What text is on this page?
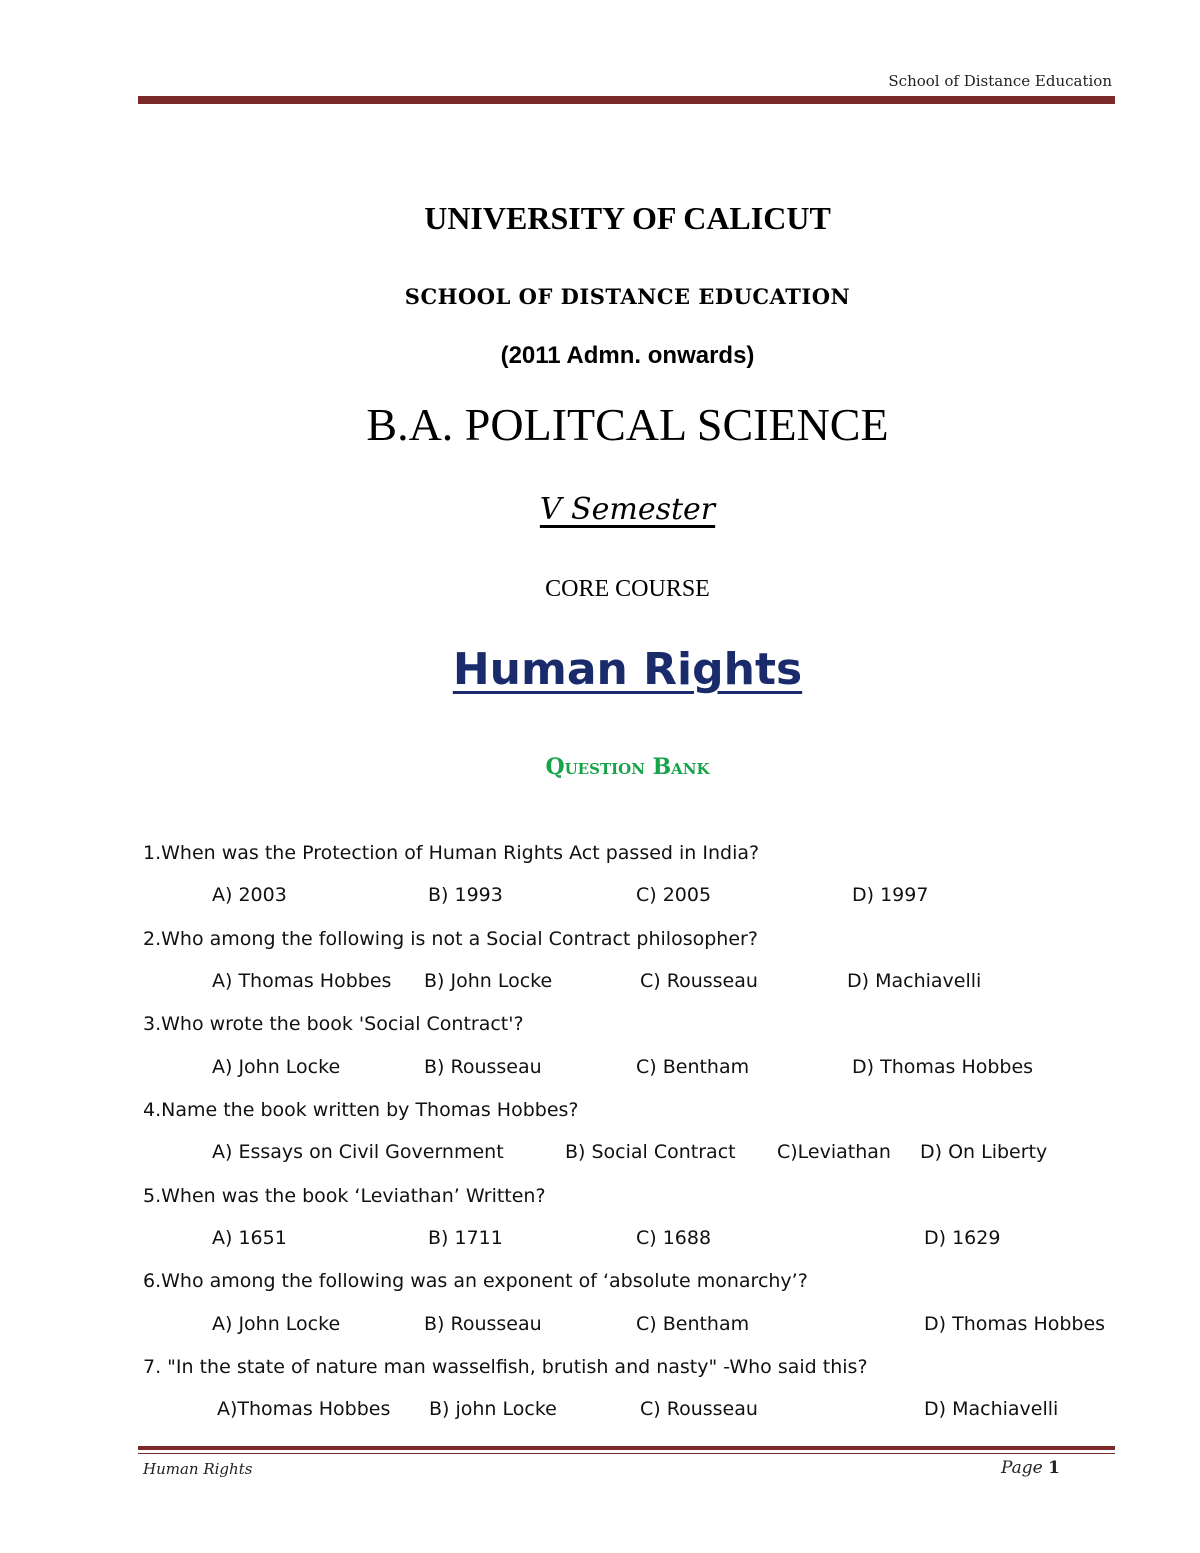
School of Distance Education
UNIVERSITY OF CALICUT
SCHOOL OF DISTANCE EDUCATION
(2011 Admn. onwards)
B.A. POLITCAL SCIENCE
V Semester
CORE COURSE
Human Rights
Question Bank
1.When was the Protection of Human Rights Act passed in India?
A) 2003	B) 1993	C) 2005	D) 1997
2.Who among the following is not a Social Contract philosopher?
A) Thomas Hobbes B) John Locke	C) Rousseau	D) Machiavelli
3.Who wrote the book 'Social Contract'?
A) John Locke	B) Rousseau	C) Bentham	D) Thomas Hobbes
4.Name the book written by Thomas Hobbes?
A) Essays on Civil Government	B) Social Contract C)Leviathan D) On Liberty
5.When was the book ‘Leviathan’ Written?
A) 1651	B) 1711	C) 1688	D) 1629
6.Who among the following was an exponent of ‘absolute monarchy’?
A) John Locke	B) Rousseau	C) Bentham	D) Thomas Hobbes
7. "In the state of nature man wasselfish, brutish and nasty" -Who said this?
A)Thomas Hobbes B) john Locke	C) Rousseau	D) Machiavelli
Human Rights	Page 1
